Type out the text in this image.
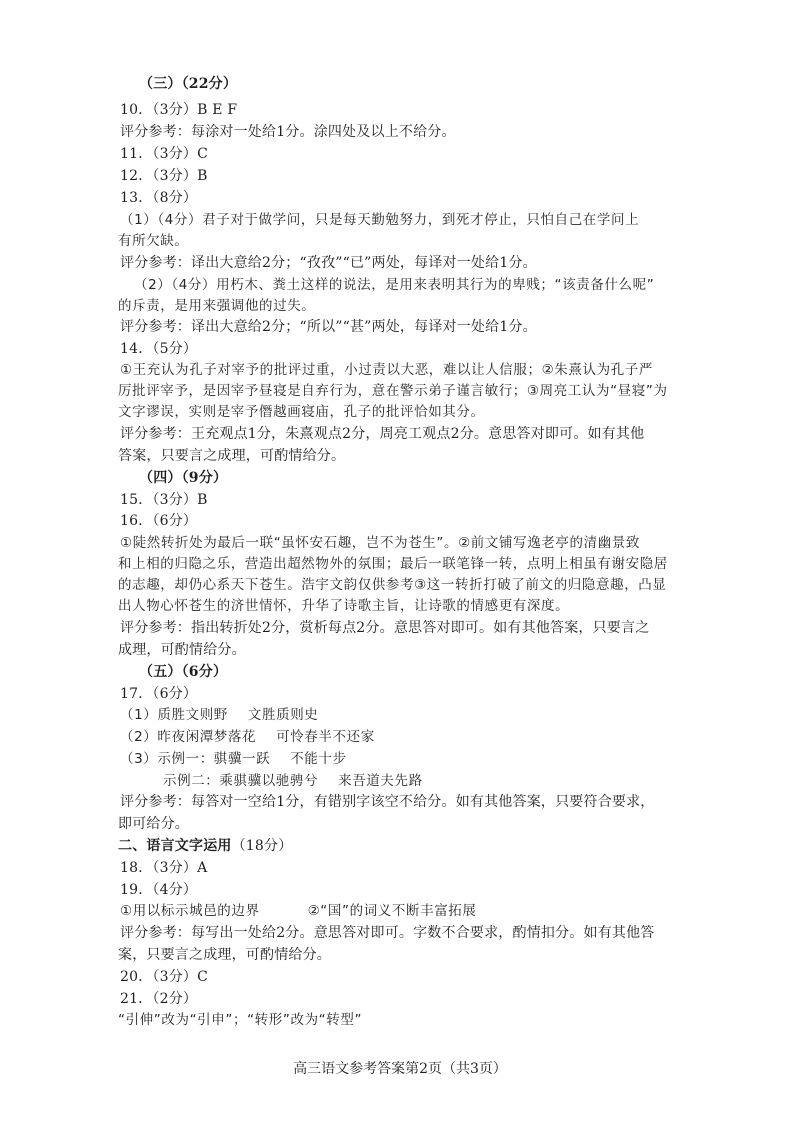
（三）（22分）
10．（3分）B E F
评分参考：每涂对一处给1分。涂四处及以上不给分。
11．（3分）C
12．（3分）B
13．（8分）
（1）（4分）君子对于做学问，只是每天勤勉努力，到死才停止，只怕自己在学问上
有所欠缺。
评分参考：译出大意给2分；“孜孜”“已”两处，每译对一处给1分。
（2）（4分）用朽木、粪土这样的说法，是用来表明其行为的卑贱；“该责备什么呢”
的斥责，是用来强调他的过失。
评分参考：译出大意给2分；“所以”“甚”两处，每译对一处给1分。
14．（5分）
①王充认为孔子对宰予的批评过重，小过责以大恶，难以让人信服；②朱熹认为孔子严
厉批评宰予，是因宰予昼寝是自弃行为，意在警示弟子谨言敏行；③周亮工认为“昼寝”为
文字谬误，实则是宰予僭越画寝庙，孔子的批评恰如其分。
评分参考：王充观点1分，朱熹观点2分，周亮工观点2分。意思答对即可。如有其他
答案，只要言之成理，可酌情给分。
（四）（9分）
15．（3分）B
16．（6分）
①陡然转折处为最后一联“虽怀安石趣，岂不为苍生”。②前文铺写逸老亭的清幽景致
和上相的归隐之乐，营造出超然物外的氛围；最后一联笔锋一转，点明上相虽有谢安隐居
的志趣，却仍心系天下苍生。浩宇文韵仅供参考③这一转折打破了前文的归隐意趣，凸显
出人物心怀苍生的济世情怀，升华了诗歌主旨，让诗歌的情感更有深度。
评分参考：指出转折处2分，赏析每点2分。意思答对即可。如有其他答案，只要言之
成理，可酌情给分。
（五）（6分）
17．（6分）
（1）质胜文则野 文胜质则史
（2）昨夜闲潭梦落花 可怜春半不还家
（3）示例一：骐骥一跃 不能十步
示例二：乘骐骥以驰骋兮 来吾道夫先路
评分参考：每答对一空给1分，有错别字该空不给分。如有其他答案，只要符合要求，
即可给分。
二、语言文字运用（18分）
18．（3分）A
19．（4分）
①用以标示城邑的边界	②“国”的词义不断丰富拓展
评分参考：每写出一处给2分。意思答对即可。字数不合要求，酌情扣分。如有其他答
案，只要言之成理，可酌情给分。
20．（3分）C
21．（2分）
“引伸”改为“引申”；“转形”改为“转型”
高三语文参考答案第2页（共3页）
